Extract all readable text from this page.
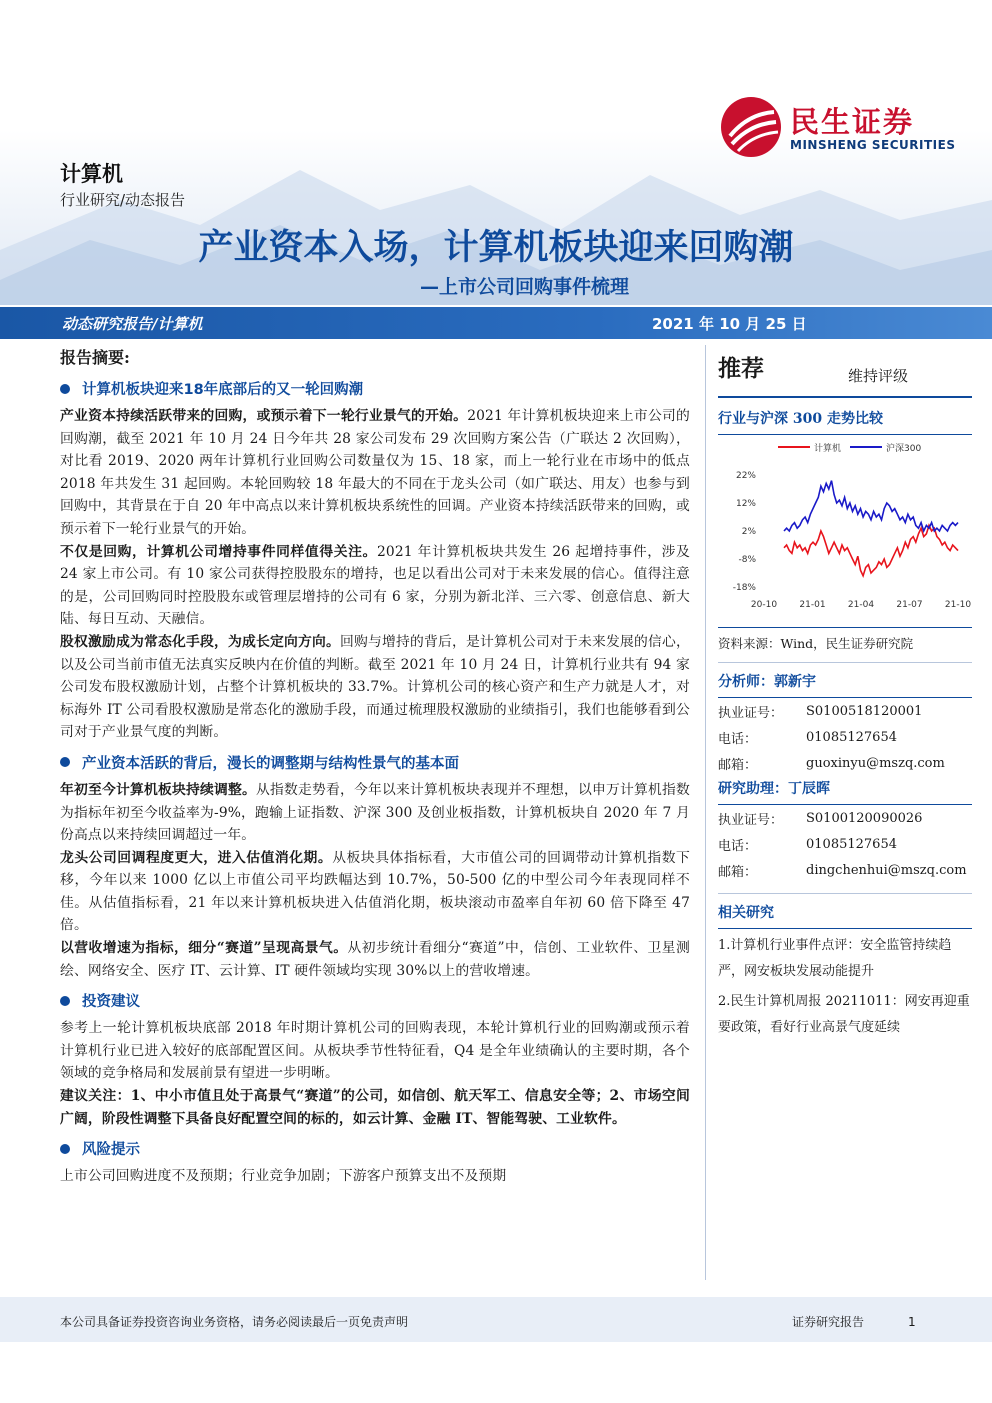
民生证券
MINSHENG SECURITIES
计算机
行业研究/动态报告
产业资本入场，计算机板块迎来回购潮
—上市公司回购事件梳理
动态研究报告/计算机	2021 年 10 月 25 日
报告摘要:
计算机板块迎来18年底部后的又一轮回购潮
产业资本持续活跃带来的回购，或预示着下一轮行业景气的开始。2021 年计算机板块迎来上市公司的回购潮，截至 2021 年 10 月 24 日今年共 28 家公司发布 29 次回购方案公告（广联达 2 次回购），对比看 2019、2020 两年计算机行业回购公司数量仅为 15、18 家，而上一轮行业在市场中的低点 2018 年共发生 31 起回购。本轮回购较 18 年最大的不同在于龙头公司（如广联达、用友）也参与到回购中，其背景在于自 20 年中高点以来计算机板块系统性的回调。产业资本持续活跃带来的回购，或预示着下一轮行业景气的开始。
不仅是回购，计算机公司增持事件同样值得关注。2021 年计算机板块共发生 26 起增持事件，涉及 24 家上市公司。有 10 家公司获得控股股东的增持，也足以看出公司对于未来发展的信心。值得注意的是，公司回购同时控股股东或管理层增持的公司有 6 家，分别为新北洋、三六零、创意信息、新大陆、每日互动、天融信。
股权激励成为常态化手段，为成长定向方向。回购与增持的背后，是计算机公司对于未来发展的信心，以及公司当前市值无法真实反映内在价值的判断。截至 2021 年 10 月 24 日，计算机行业共有 94 家公司发布股权激励计划，占整个计算机板块的 33.7%。计算机公司的核心资产和生产力就是人才，对标海外 IT 公司看股权激励是常态化的激励手段，而通过梳理股权激励的业绩指引，我们也能够看到公司对于产业景气度的判断。
产业资本活跃的背后，漫长的调整期与结构性景气的基本面
年初至今计算机板块持续调整。从指数走势看，今年以来计算机板块表现并不理想，以申万计算机指数为指标年初至今收益率为-9%，跑输上证指数、沪深 300 及创业板指数，计算机板块自 2020 年 7 月份高点以来持续回调超过一年。
龙头公司回调程度更大，进入估值消化期。从板块具体指标看，大市值公司的回调带动计算机指数下移，今年以来 1000 亿以上市值公司平均跌幅达到 10.7%，50-500 亿的中型公司今年表现同样不佳。从估值指标看，21 年以来计算机板块进入估值消化期，板块滚动市盈率自年初 60 倍下降至 47 倍。
以营收增速为指标，细分“赛道”呈现高景气。从初步统计看细分“赛道”中，信创、工业软件、卫星测绘、网络安全、医疗 IT、云计算、IT 硬件领域均实现 30%以上的营收增速。
投资建议
参考上一轮计算机板块底部 2018 年时期计算机公司的回购表现，本轮计算机行业的回购潮或预示着计算机行业已进入较好的底部配置区间。从板块季节性特征看，Q4 是全年业绩确认的主要时期，各个领域的竞争格局和发展前景有望进一步明晰。
建议关注：1、中小市值且处于高景气“赛道”的公司，如信创、航天军工、信息安全等；2、市场空间广阔，阶段性调整下具备良好配置空间的标的，如云计算、金融 IT、智能驾驶、工业软件。
风险提示
上市公司回购进度不及预期；行业竞争加剧；下游客户预算支出不及预期
推荐	维持评级
行业与沪深 300 走势比较
计算机	沪深300
22%
12%
2%
-8%
-18%
20-10 21-01 21-04 21-07 21-10
资料来源：Wind，民生证券研究院
分析师：郭新宇
执业证号：	S0100518120001
电话：	01085127654
邮箱：	guoxinyu@mszq.com
研究助理：丁辰晖
执业证号：	S0100120090026
电话：	01085127654
邮箱：	dingchenhui@mszq.com
相关研究
1.计算机行业事件点评：安全监管持续趋严，网安板块发展动能提升
2.民生计算机周报 20211011：网安再迎重要政策，看好行业高景气度延续
本公司具备证券投资咨询业务资格，请务必阅读最后一页免责声明	证券研究报告	1
